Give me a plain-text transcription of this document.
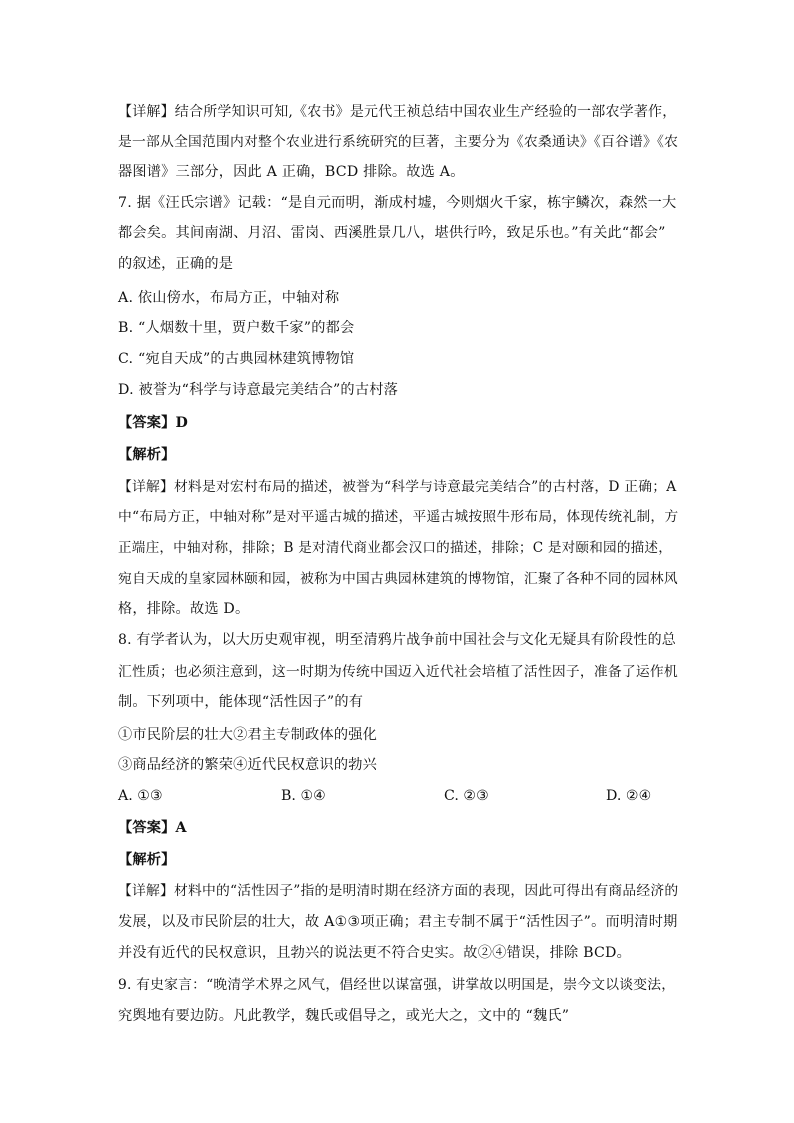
【详解】结合所学知识可知,《农书》是元代王祯总结中国农业生产经验的一部农学著作，
是一部从全国范围内对整个农业进行系统研究的巨著，主要分为《农桑通诀》《百谷谱》《农
器图谱》三部分，因此 A 正确，BCD 排除。故选 A。
7. 据《汪氏宗谱》记载：“是自元而明，渐成村墟，今则烟火千家，栋宇鳞次，森然一大
都会矣。其间南湖、月沼、雷岗、西溪胜景几八，堪供行吟，致足乐也。”有关此“都会”
的叙述，正确的是
A. 依山傍水，布局方正，中轴对称
B. “人烟数十里，贾户数千家”的都会
C. “宛自天成”的古典园林建筑博物馆
D. 被誉为“科学与诗意最完美结合”的古村落
【答案】D
【解析】
【详解】材料是对宏村布局的描述，被誉为“科学与诗意最完美结合”的古村落，D 正确；A
中“布局方正，中轴对称”是对平遥古城的描述，平遥古城按照牛形布局，体现传统礼制，方
正端庄，中轴对称，排除；B 是对清代商业都会汉口的描述，排除；C 是对颐和园的描述，
宛自天成的皇家园林颐和园，被称为中国古典园林建筑的博物馆，汇聚了各种不同的园林风
格，排除。故选 D。
8. 有学者认为，以大历史观审视，明至清鸦片战争前中国社会与文化无疑具有阶段性的总
汇性质；也必须注意到，这一时期为传统中国迈入近代社会培植了活性因子，准备了运作机
制。下列项中，能体现“活性因子”的有
①市民阶层的壮大②君主专制政体的强化
③商品经济的繁荣④近代民权意识的勃兴
A. ①③	B. ①④	C. ②③	D. ②④
【答案】A
【解析】
【详解】材料中的“活性因子”指的是明清时期在经济方面的表现，因此可得出有商品经济的
发展，以及市民阶层的壮大，故 A①③项正确；君主专制不属于“活性因子”。而明清时期
并没有近代的民权意识，且勃兴的说法更不符合史实。故②④错误，排除 BCD。
9. 有史家言：“晚清学术界之风气，倡经世以谋富强，讲掌故以明国是，崇今文以谈变法，
究舆地有要边防。凡此教学，魏氏或倡导之，或光大之，文中的 “魏氏”
